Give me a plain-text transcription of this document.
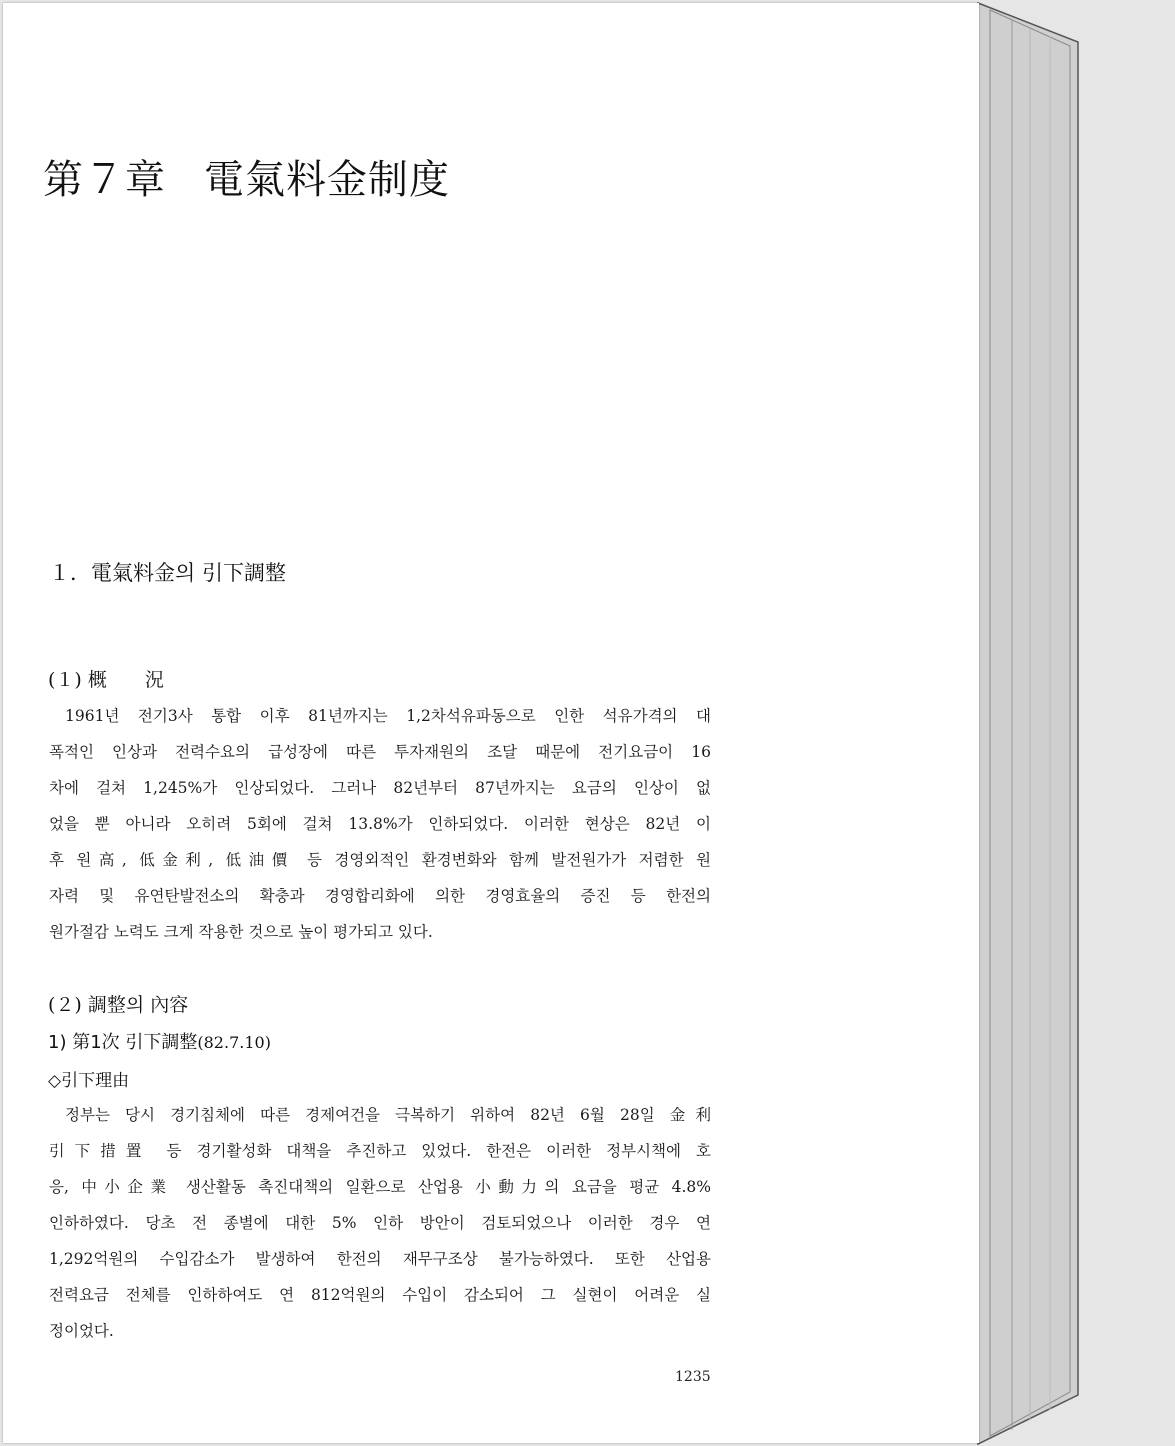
第７章 電氣料金制度
１．電氣料金의 引下調整
(１) 概　　況
1961년 전기3사 통합 이후 81년까지는 1,2차석유파동으로 인한 석유가격의 대
폭적인 인상과 전력수요의 급성장에 따른 투자재원의 조달 때문에 전기요금이 16
차에 걸쳐 1,245%가 인상되었다. 그러나 82년부터 87년까지는 요금의 인상이 없
었을 뿐 아니라 오히려 5회에 걸쳐 13.8%가 인하되었다. 이러한 현상은 82년 이
후 원高, 低金利, 低油價 등 경영외적인 환경변화와 함께 발전원가가 저렴한 원
자력 및 유연탄발전소의 확충과 경영합리화에 의한 경영효율의 증진 등 한전의
원가절감 노력도 크게 작용한 것으로 높이 평가되고 있다.
(２) 調整의 內容
1) 第1次 引下調整(82.7.10)
◇引下理由
정부는 당시 경기침체에 따른 경제여건을 극복하기 위하여 82년 6월 28일 金利
引下措置 등 경기활성화 대책을 추진하고 있었다. 한전은 이러한 정부시책에 호
응, 中小企業 생산활동 촉진대책의 일환으로 산업용 小動力의 요금을 평균 4.8%
인하하였다. 당초 전 종별에 대한 5% 인하 방안이 검토되었으나 이러한 경우 연
1,292억원의 수입감소가 발생하여 한전의 재무구조상 불가능하였다. 또한 산업용
전력요금 전체를 인하하여도 연 812억원의 수입이 감소되어 그 실현이 어려운 실
정이었다.
1235
